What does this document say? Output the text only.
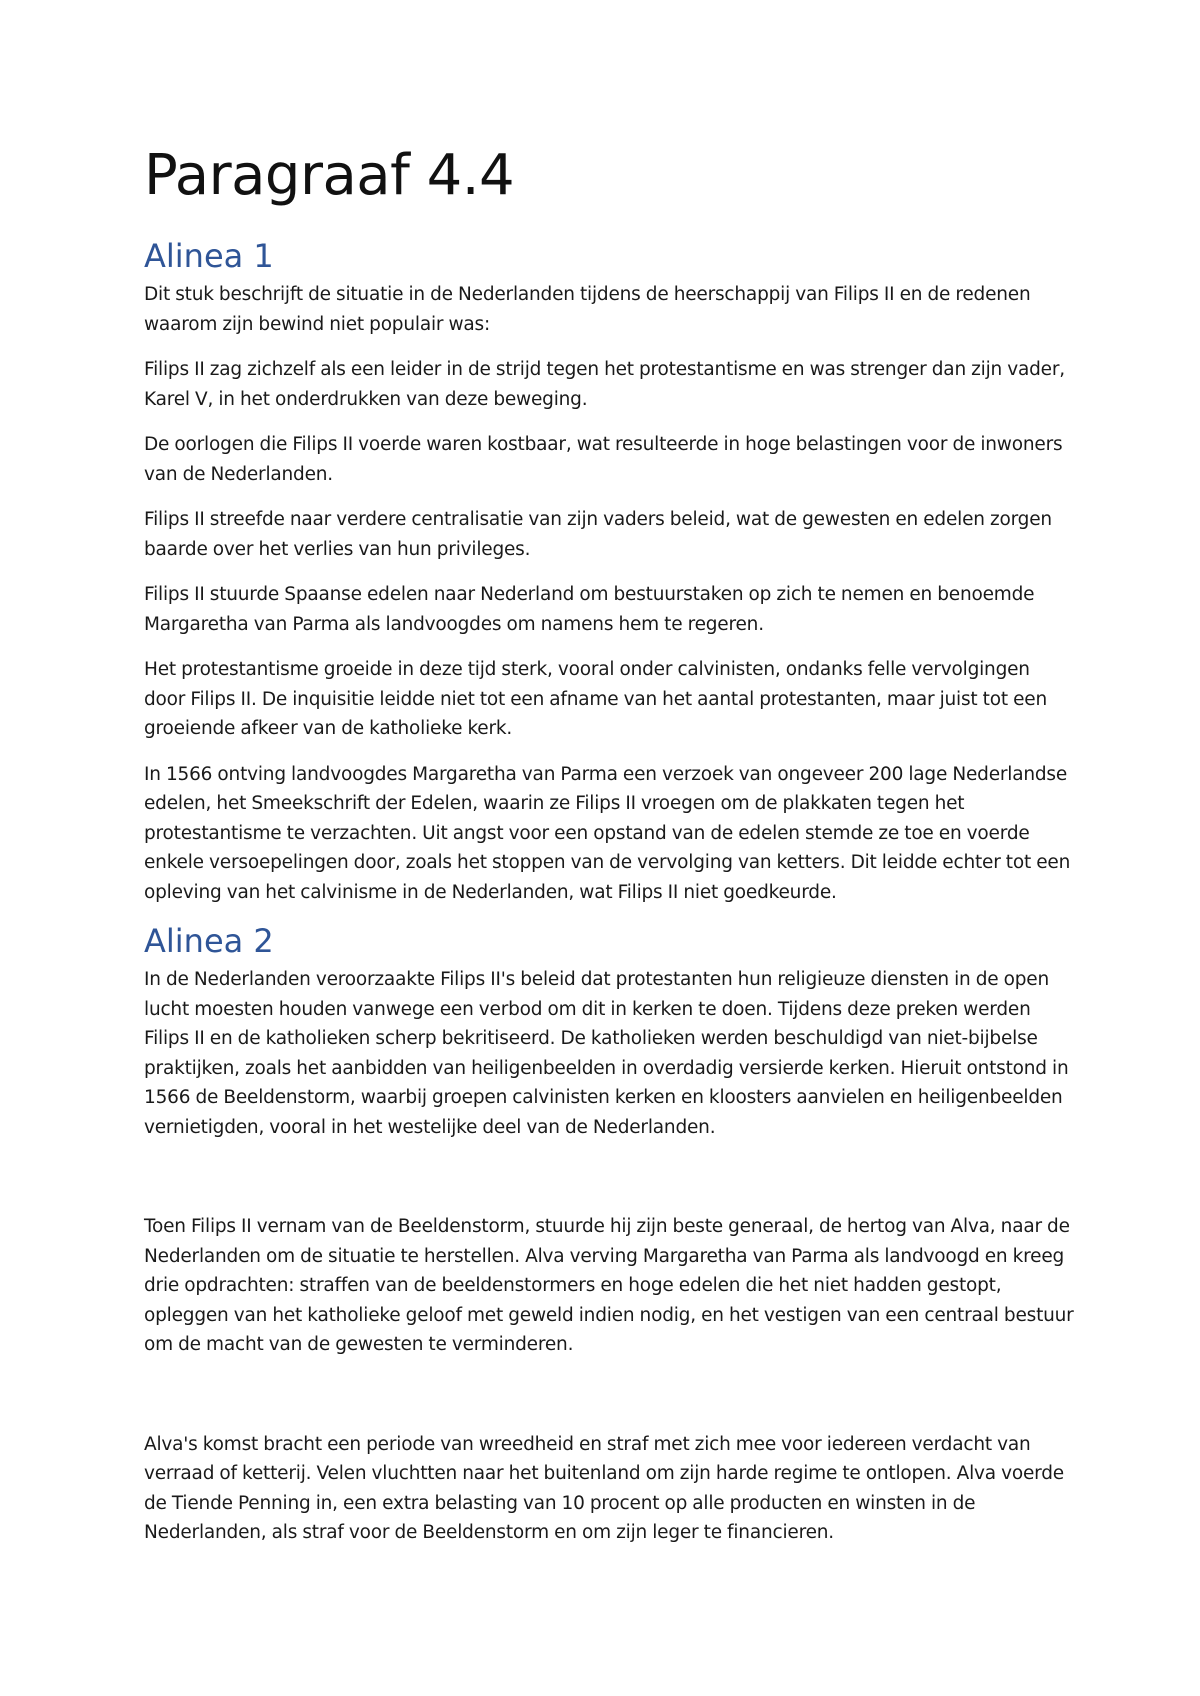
Paragraaf 4.4
Alinea 1

Dit stuk beschrijft de situatie in de Nederlanden tijdens de heerschappij van Filips II en de redenen waarom zijn bewind niet populair was:

Filips II zag zichzelf als een leider in de strijd tegen het protestantisme en was strenger dan zijn vader, Karel V, in het onderdrukken van deze beweging.

De oorlogen die Filips II voerde waren kostbaar, wat resulteerde in hoge belastingen voor de inwoners van de Nederlanden.

Filips II streefde naar verdere centralisatie van zijn vaders beleid, wat de gewesten en edelen zorgen baarde over het verlies van hun privileges.

Filips II stuurde Spaanse edelen naar Nederland om bestuurstaken op zich te nemen en benoemde Margaretha van Parma als landvoogdes om namens hem te regeren.

Het protestantisme groeide in deze tijd sterk, vooral onder calvinisten, ondanks felle vervolgingen door Filips II. De inquisitie leidde niet tot een afname van het aantal protestanten, maar juist tot een groeiende afkeer van de katholieke kerk.

In 1566 ontving landvoogdes Margaretha van Parma een verzoek van ongeveer 200 lage Nederlandse edelen, het Smeekschrift der Edelen, waarin ze Filips II vroegen om de plakkaten tegen het protestantisme te verzachten. Uit angst voor een opstand van de edelen stemde ze toe en voerde enkele versoepelingen door, zoals het stoppen van de vervolging van ketters. Dit leidde echter tot een opleving van het calvinisme in de Nederlanden, wat Filips II niet goedkeurde.

Alinea 2

In de Nederlanden veroorzaakte Filips II's beleid dat protestanten hun religieuze diensten in de open lucht moesten houden vanwege een verbod om dit in kerken te doen. Tijdens deze preken werden Filips II en de katholieken scherp bekritiseerd. De katholieken werden beschuldigd van niet-bijbelse praktijken, zoals het aanbidden van heiligenbeelden in overdadig versierde kerken. Hieruit ontstond in 1566 de Beeldenstorm, waarbij groepen calvinisten kerken en kloosters aanvielen en heiligenbeelden vernietigden, vooral in het westelijke deel van de Nederlanden.

Toen Filips II vernam van de Beeldenstorm, stuurde hij zijn beste generaal, de hertog van Alva, naar de Nederlanden om de situatie te herstellen. Alva verving Margaretha van Parma als landvoogd en kreeg drie opdrachten: straffen van de beeldenstormers en hoge edelen die het niet hadden gestopt, opleggen van het katholieke geloof met geweld indien nodig, en het vestigen van een centraal bestuur om de macht van de gewesten te verminderen.

Alva's komst bracht een periode van wreedheid en straf met zich mee voor iedereen verdacht van verraad of ketterij. Velen vluchtten naar het buitenland om zijn harde regime te ontlopen. Alva voerde de Tiende Penning in, een extra belasting van 10 procent op alle producten en winsten in de Nederlanden, als straf voor de Beeldenstorm en om zijn leger te financieren.
